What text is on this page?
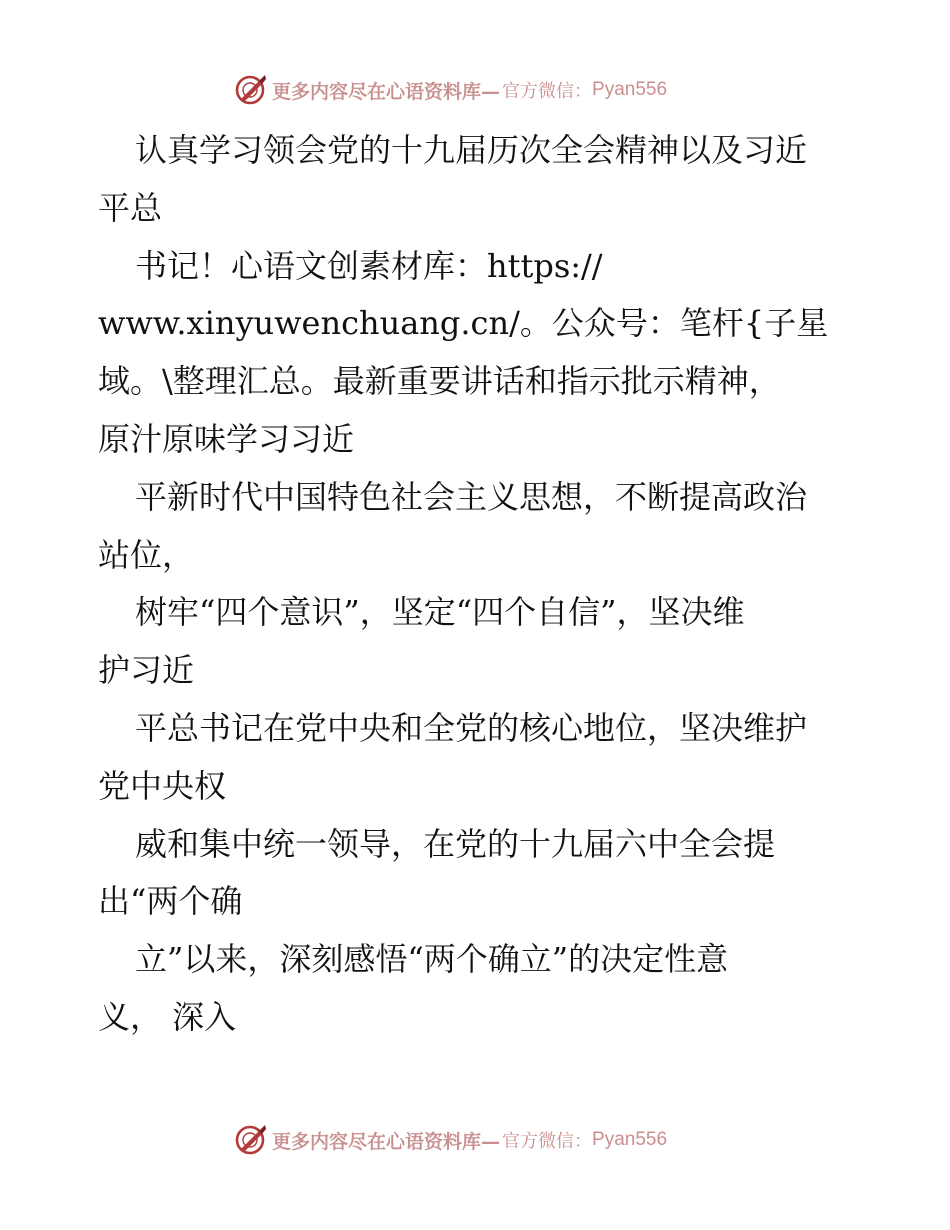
更多内容尽在心语资料库— 官方微信： Pyan556
认真学习领会党的十九届历次全会精神以及习近
平总
书记！心语文创素材库：https://
www.xinyuwenchuang.cn/。公众号：笔杆{子星
域。\整理汇总。最新重要讲话和指示批示精神，
原汁原味学习习近
平新时代中国特色社会主义思想，不断提高政治
站位，
树牢“四个意识”，坚定“四个自信”，坚决维
护习近
平总书记在党中央和全党的核心地位，坚决维护
党中央权
威和集中统一领导，在党的十九届六中全会提
出“两个确
立”以来，深刻感悟“两个确立”的决定性意
义， 深入
更多内容尽在心语资料库— 官方微信： Pyan556
